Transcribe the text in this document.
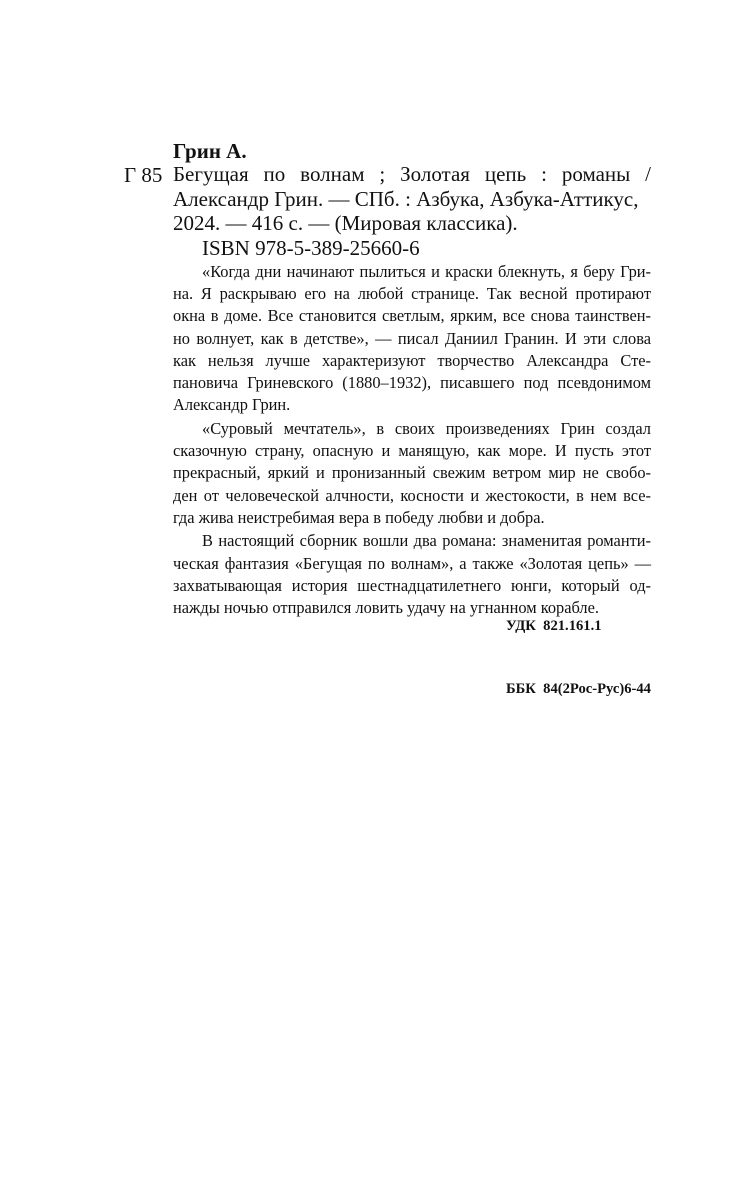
Грин А.
Г 85 Бегущая по волнам ; Золотая цепь : романы /
Александр Грин. — СПб. : Азбука, Азбука-Аттикус,
2024. — 416 с. — (Мировая классика).
ISBN 978-5-389-25660-6
«Когда дни начинают пылиться и краски блекнуть, я беру Гри-
на. Я раскрываю его на любой странице. Так весной протирают
окна в доме. Все становится светлым, ярким, все снова таинствен-
но волнует, как в детстве», — писал Даниил Гранин. И эти слова
как нельзя лучше характеризуют творчество Александра Сте-
пановича Гриневского (1880–1932), писавшего под псевдонимом
Александр Грин.
«Суровый мечтатель», в своих произведениях Грин создал
сказочную страну, опасную и манящую, как море. И пусть этот
прекрасный, яркий и пронизанный свежим ветром мир не свобо-
ден от человеческой алчности, косности и жестокости, в нем все-
гда жива неистребимая вера в победу любви и добра.
В настоящий сборник вошли два романа: знаменитая романти-
ческая фантазия «Бегущая по волнам», а также «Золотая цепь» —
захватывающая история шестнадцатилетнего юнги, который од-
нажды ночью отправился ловить удачу на угнанном корабле.

УДК  821.161.1

ББК  84(2Рос-Рус)6-44
